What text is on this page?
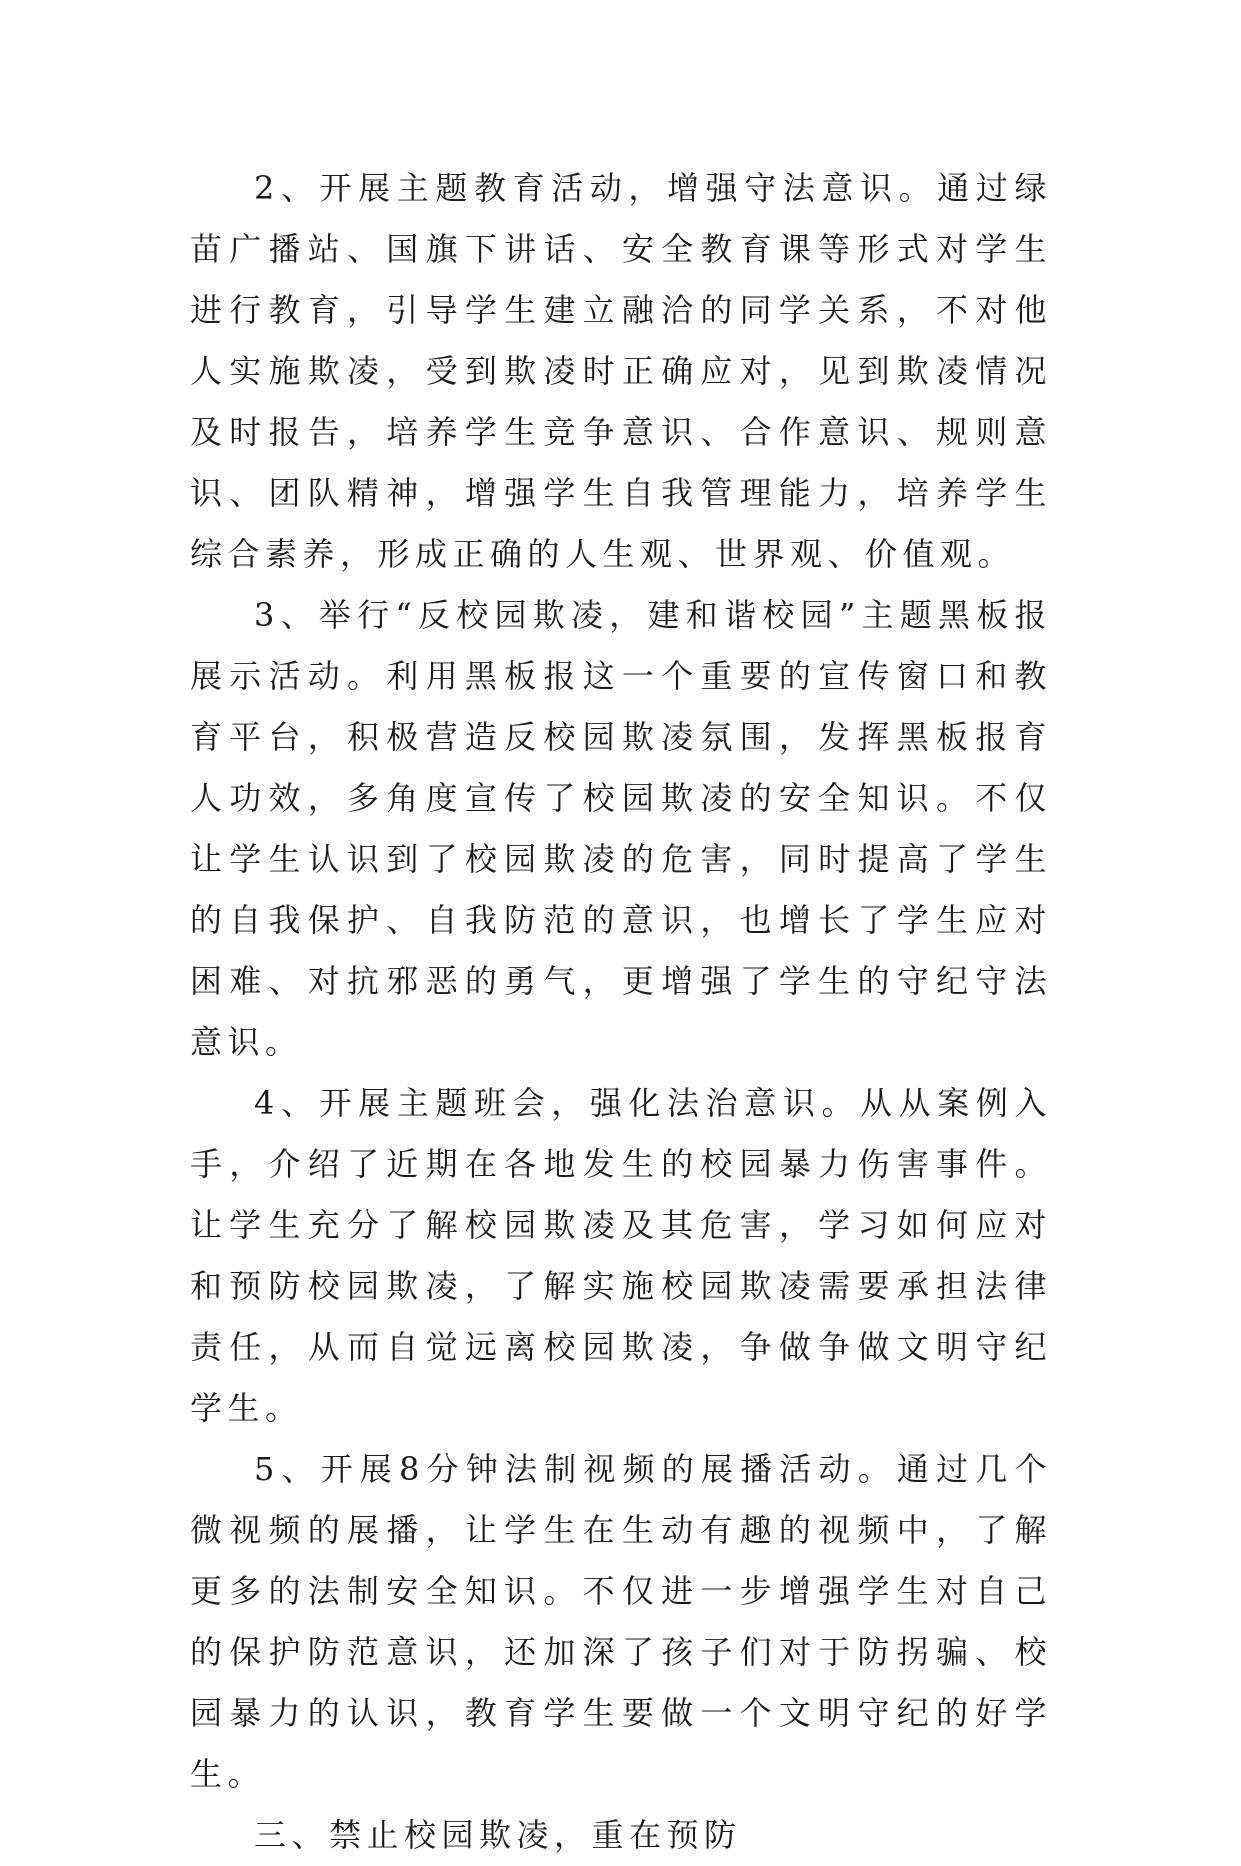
2、开展主题教育活动，增强守法意识。通过绿苗广播站、国旗下讲话、安全教育课等形式对学生进行教育，引导学生建立融洽的同学关系，不对他人实施欺凌，受到欺凌时正确应对，见到欺凌情况及时报告，培养学生竞争意识、合作意识、规则意识、团队精神，增强学生自我管理能力，培养学生综合素养，形成正确的人生观、世界观、价值观。

3、举行“反校园欺凌，建和谐校园”主题黑板报展示活动。利用黑板报这一个重要的宣传窗口和教育平台，积极营造反校园欺凌氛围，发挥黑板报育人功效，多角度宣传了校园欺凌的安全知识。不仅让学生认识到了校园欺凌的危害，同时提高了学生的自我保护、自我防范的意识，也增长了学生应对困难、对抗邪恶的勇气，更增强了学生的守纪守法意识。

4、开展主题班会，强化法治意识。从从案例入手，介绍了近期在各地发生的校园暴力伤害事件。让学生充分了解校园欺凌及其危害，学习如何应对和预防校园欺凌，了解实施校园欺凌需要承担法律责任，从而自觉远离校园欺凌，争做争做文明守纪学生。

5、开展8分钟法制视频的展播活动。通过几个微视频的展播，让学生在生动有趣的视频中，了解更多的法制安全知识。不仅进一步增强学生对自己的保护防范意识，还加深了孩子们对于防拐骗、校园暴力的认识，教育学生要做一个文明守纪的好学生。

三、禁止校园欺凌，重在预防
